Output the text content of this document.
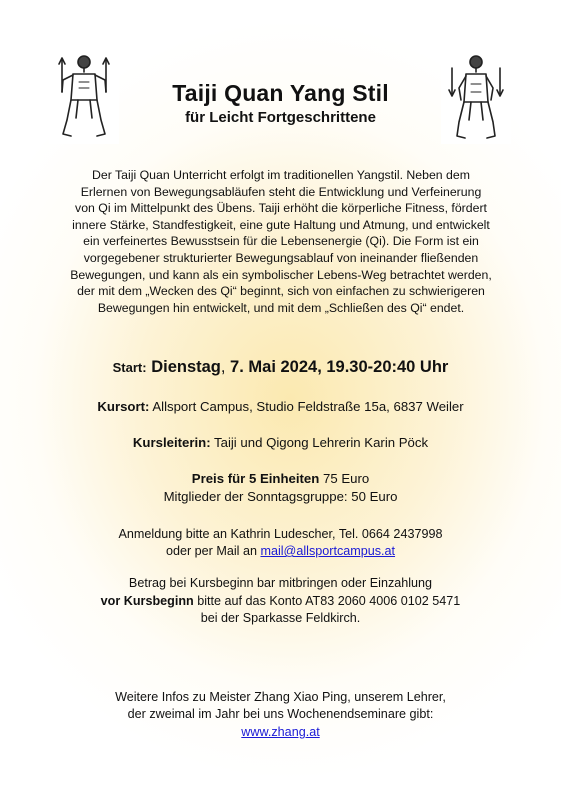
Taiji Quan Yang Stil
für Leicht Fortgeschrittene
Der Taiji Quan Unterricht erfolgt im traditionellen Yangstil. Neben dem
Erlernen von Bewegungsabläufen steht die Entwicklung und Verfeinerung
von Qi im Mittelpunkt des Übens. Taiji erhöht die körperliche Fitness, fördert
innere Stärke, Standfestigkeit, eine gute Haltung und Atmung, und entwickelt
ein verfeinertes Bewusstsein für die Lebensenergie (Qi). Die Form ist ein
vorgegebener strukturierter Bewegungsablauf von ineinander fließenden
Bewegungen, und kann als ein symbolischer Lebens-Weg betrachtet werden,
der mit dem „Wecken des Qi“ beginnt, sich von einfachen zu schwierigeren
Bewegungen hin entwickelt, und mit dem „Schließen des Qi“ endet.
Start: Dienstag, 7. Mai 2024, 19.30-20:40 Uhr
Kursort: Allsport Campus, Studio Feldstraße 15a, 6837 Weiler
Kursleiterin: Taiji und Qigong Lehrerin Karin Pöck
Preis für 5 Einheiten 75 Euro
Mitglieder der Sonntagsgruppe: 50 Euro
Anmeldung bitte an Kathrin Ludescher, Tel. 0664 2437998
oder per Mail an mail@allsportcampus.at
Betrag bei Kursbeginn bar mitbringen oder Einzahlung
vor Kursbeginn bitte auf das Konto AT83 2060 4006 0102 5471
bei der Sparkasse Feldkirch.
Weitere Infos zu Meister Zhang Xiao Ping, unserem Lehrer,
der zweimal im Jahr bei uns Wochenendseminare gibt:
www.zhang.at
